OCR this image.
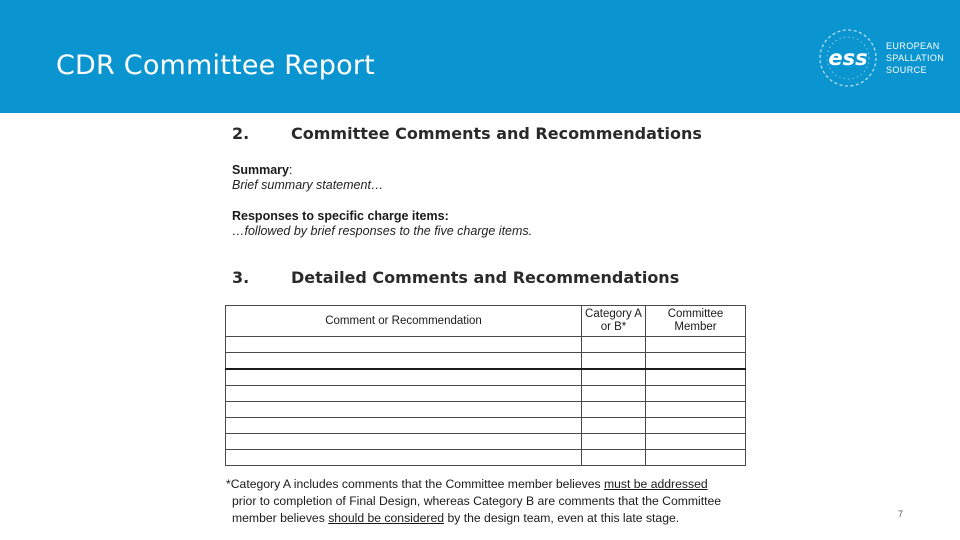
CDR Committee Report	ess EUROPEAN
SPALLATION
SOURCE
2.	Committee Comments and Recommendations
Summary:
Brief summary statement…
Responses to specific charge items:
…followed by brief responses to the five charge items.
3.	Detailed Comments and Recommendations
Comment or Recommendation	Category A or B*	Committee Member

*Category A includes comments that the Committee member believes must be addressed
prior to completion of Final Design, whereas Category B are comments that the Committee
member believes should be considered by the design team, even at this late stage.	7
